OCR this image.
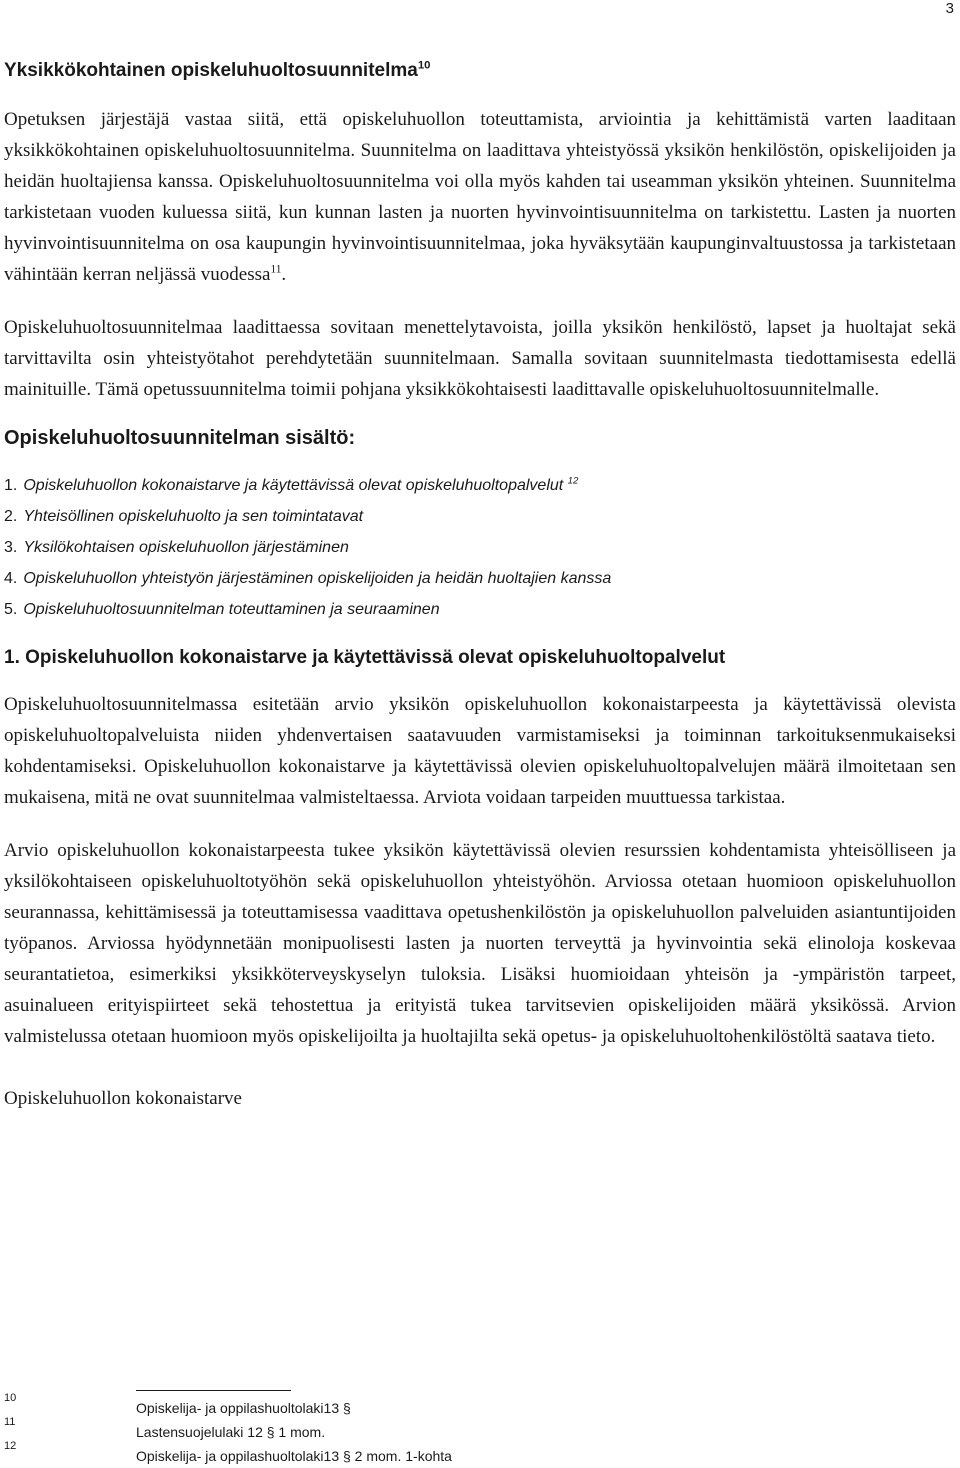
3
Yksikkökohtainen opiskeluhuoltosuunnitelma$^{10}$

Opetuksen järjestäjä vastaa siitä, että opiskeluhuollon toteuttamista, arviointia ja kehittämistä varten laaditaan yksikkökohtainen opiskeluhuoltosuunnitelma. Suunnitelma on laadittava yhteistyössä yksikön henkilöstön, opiskelijoiden ja heidän huoltajiensa kanssa. Opiskeluhuoltosuunnitelma voi olla myös kahden tai useamman yksikön yhteinen. Suunnitelma tarkistetaan vuoden kuluessa siitä, kun kunnan lasten ja nuorten hyvinvointisuunnitelma on tarkistettu. Lasten ja nuorten hyvinvointisuunnitelma on osa kaupungin hyvinvointisuunnitelmaa, joka hyväksytään kaupunginvaltuustossa ja tarkistetaan vähintään kerran neljässä vuodessa$^{11}$.

Opiskeluhuoltosuunnitelmaa laadittaessa sovitaan menettelytavoista, joilla yksikön henkilöstö, lapset ja huoltajat sekä tarvittavilta osin yhteistyötahot perehdytetään suunnitelmaan. Samalla sovitaan suunnitelmasta tiedottamisesta edellä mainituille. Tämä opetussuunnitelma toimii pohjana yksikkökohtaisesti laadittavalle opiskeluhuoltosuunnitelmalle.

Opiskeluhuoltosuunnitelman sisältö:
1. Opiskeluhuollon kokonaistarve ja käytettävissä olevat opiskeluhuoltopalvelut $^{12}$
2. Yhteisöllinen opiskeluhuolto ja sen toimintatavat
3. Yksilökohtaisen opiskeluhuollon järjestäminen
4. Opiskeluhuollon yhteistyön järjestäminen opiskelijoiden ja heidän huoltajien kanssa
5. Opiskeluhuoltosuunnitelman toteuttaminen ja seuraaminen
1. Opiskeluhuollon kokonaistarve ja käytettävissä olevat opiskeluhuoltopalvelut

Opiskeluhuoltosuunnitelmassa esitetään arvio yksikön opiskeluhuollon kokonaistarpeesta ja käytettävissä olevista opiskeluhuoltopalveluista niiden yhdenvertaisen saatavuuden varmistamiseksi ja toiminnan tarkoituksenmukaiseksi kohdentamiseksi. Opiskeluhuollon kokonaistarve ja käytettävissä olevien opiskeluhuoltopalvelujen määrä ilmoitetaan sen mukaisena, mitä ne ovat suunnitelmaa valmisteltaessa. Arviota voidaan tarpeiden muuttuessa tarkistaa.

Arvio opiskeluhuollon kokonaistarpeesta tukee yksikön käytettävissä olevien resurssien kohdentamista yhteisölliseen ja yksilökohtaiseen opiskeluhuoltotyöhön sekä opiskeluhuollon yhteistyöhön. Arviossa otetaan huomioon opiskeluhuollon seurannassa, kehittämisessä ja toteuttamisessa vaadittava opetushenkilöstön ja opiskeluhuollon palveluiden asiantuntijoiden työpanos. Arviossa hyödynnetään monipuolisesti lasten ja nuorten terveyttä ja hyvinvointia sekä elinoloja koskevaa seurantatietoa, esimerkiksi yksikköterveyskyselyn tuloksia. Lisäksi huomioidaan yhteisön ja -ympäristön tarpeet, asuinalueen erityispiirteet sekä tehostettua ja erityistä tukea tarvitsevien opiskelijoiden määrä yksikössä. Arvion valmistelussa otetaan huomioon myös opiskelijoilta ja huoltajilta sekä opetus- ja opiskeluhuoltohenkilöstöltä saatava tieto.

Opiskeluhuollon kokonaistarve
10
Opiskelija- ja oppilashuoltolaki13 §
11
Lastensuojelulaki 12 § 1 mom.
12
Opiskelija- ja oppilashuoltolaki13 § 2 mom. 1-kohta
